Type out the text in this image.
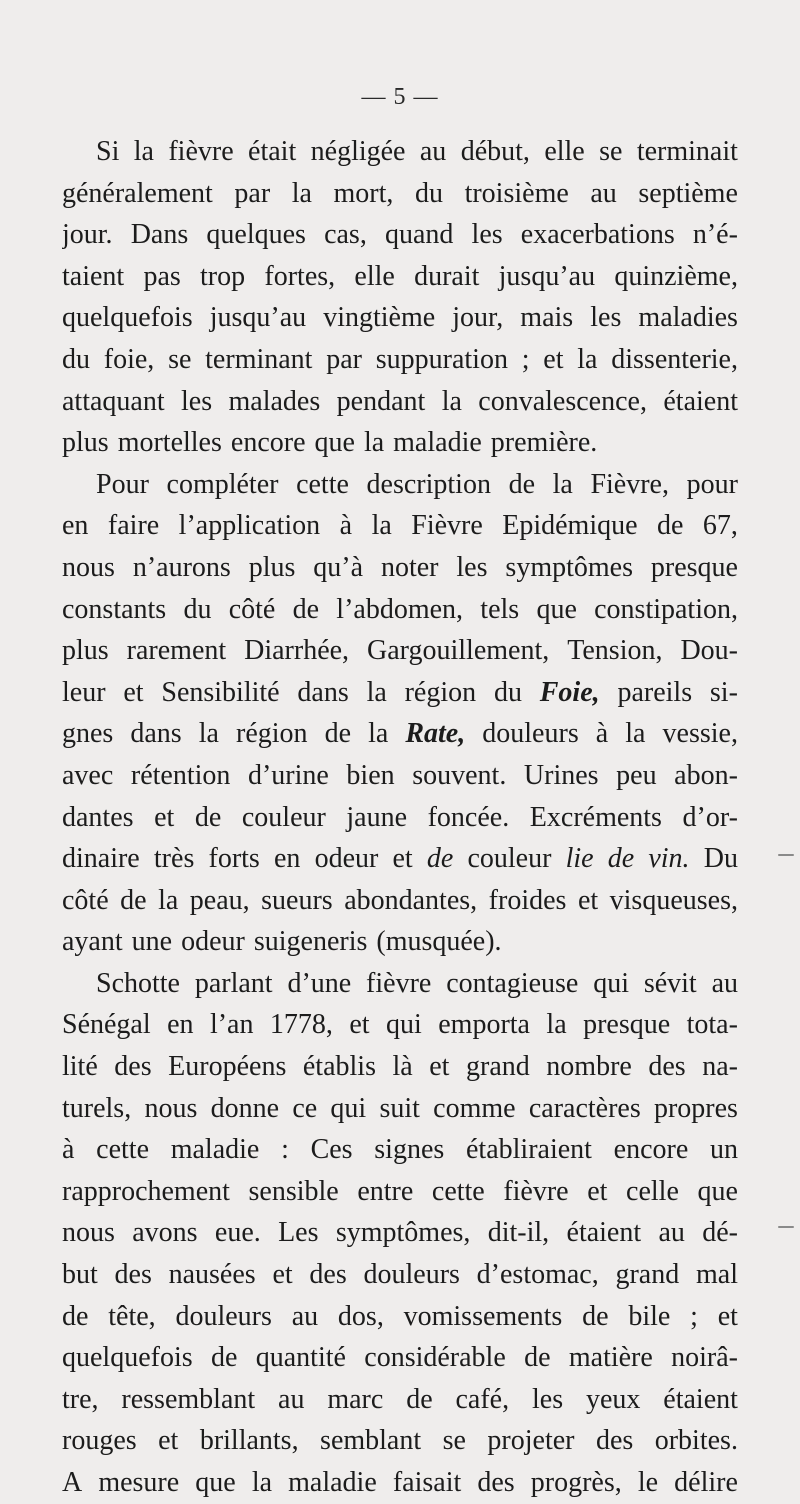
— 5 —
Si la fièvre était négligée au début, elle se terminait
généralement par la mort, du troisième au septième
jour. Dans quelques cas, quand les exacerbations n’é-
taient pas trop fortes, elle durait jusqu’au quinzième,
quelquefois jusqu’au vingtième jour, mais les maladies
du foie, se terminant par suppuration ; et la dissenterie,
attaquant les malades pendant la convalescence, étaient
plus mortelles encore que la maladie première.
Pour compléter cette description de la Fièvre, pour
en faire l’application à la Fièvre Epidémique de 67,
nous n’aurons plus qu’à noter les symptômes presque
constants du côté de l’abdomen, tels que constipation,
plus rarement Diarrhée, Gargouillement, Tension, Dou-
leur et Sensibilité dans la région du Foie, pareils si-
gnes dans la région de la Rate, douleurs à la vessie,
avec rétention d’urine bien souvent. Urines peu abon-
dantes et de couleur jaune foncée. Excréments d’or-
dinaire très forts en odeur et de couleur lie de vin. Du
côté de la peau, sueurs abondantes, froides et visqueuses,
ayant une odeur suigeneris (musquée).
Schotte parlant d’une fièvre contagieuse qui sévit au
Sénégal en l’an 1778, et qui emporta la presque tota-
lité des Européens établis là et grand nombre des na-
turels, nous donne ce qui suit comme caractères propres
à cette maladie : Ces signes établiraient encore un
rapprochement sensible entre cette fièvre et celle que
nous avons eue. Les symptômes, dit-il, étaient au dé-
but des nausées et des douleurs d’estomac, grand mal
de tête, douleurs au dos, vomissements de bile ; et
quelquefois de quantité considérable de matière noirâ-
tre, ressemblant au marc de café, les yeux étaient
rouges et brillants, semblant se projeter des orbites.
A mesure que la maladie faisait des progrès, le délire
